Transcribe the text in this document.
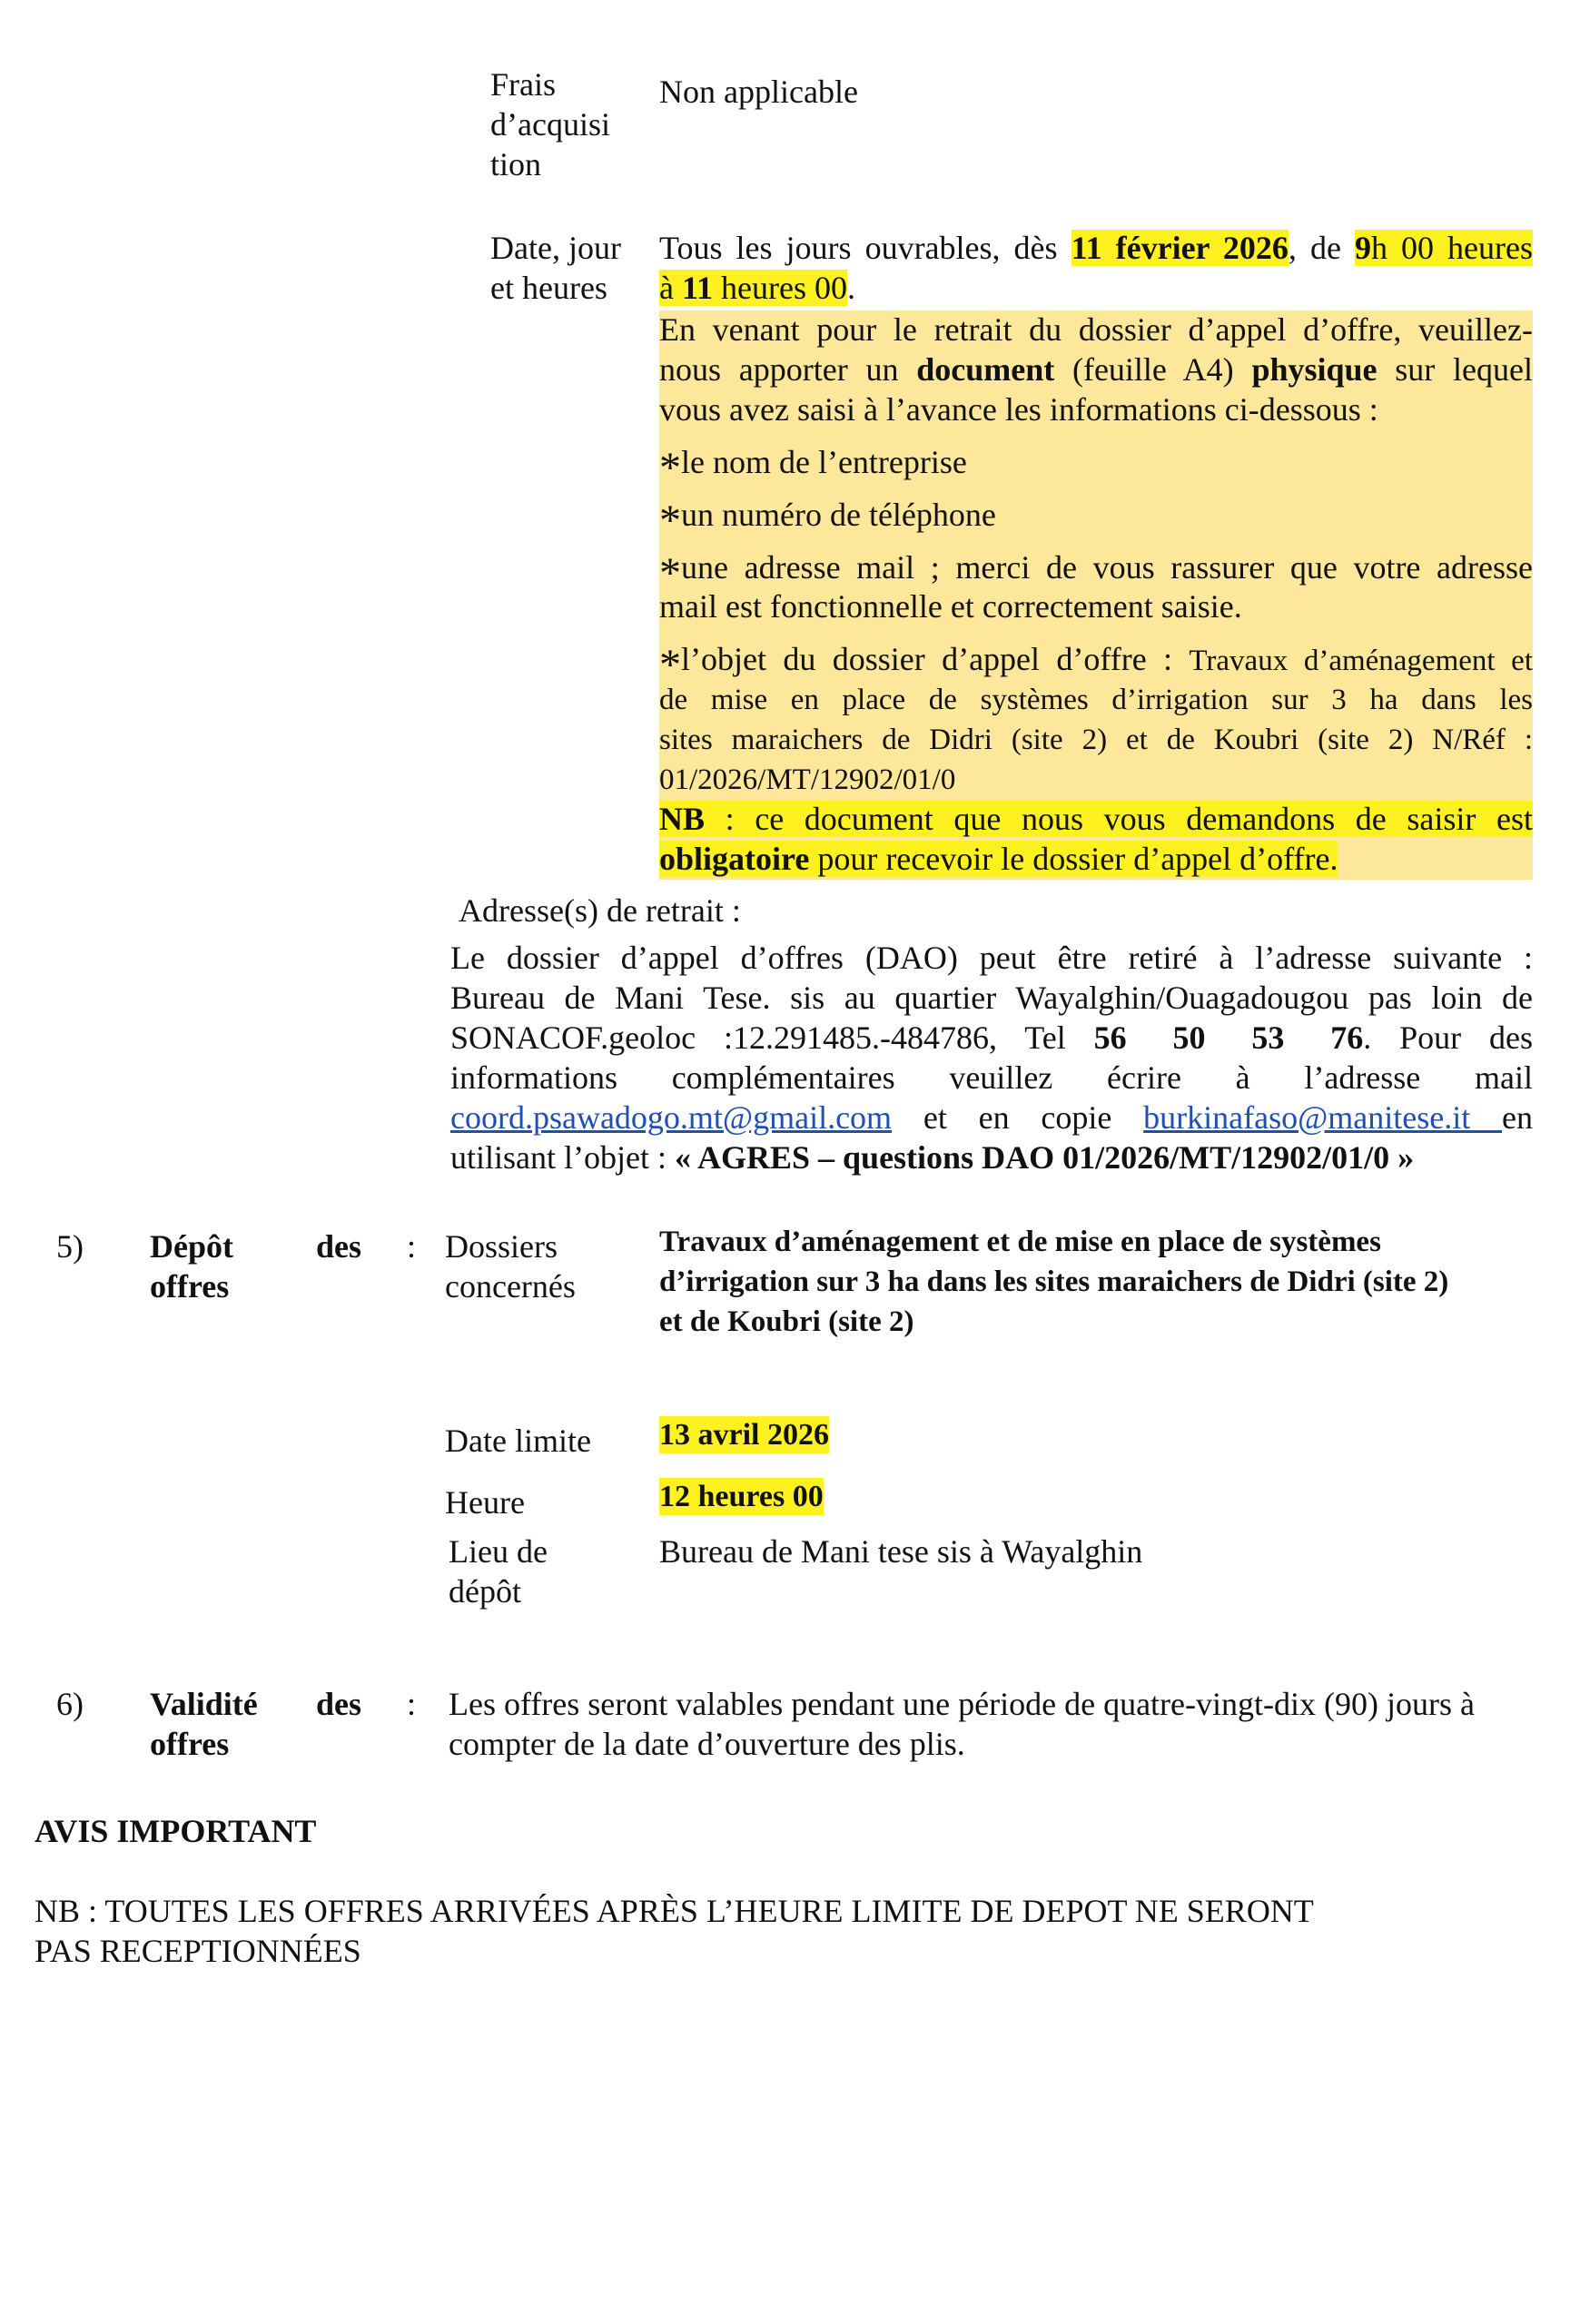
Frais
d’acquisi
tion
Non applicable
Date, jour
et heures
Tous les jours ouvrables, dès 11 février 2026, de 9h 00 heures
à 11 heures 00.
En venant pour le retrait du dossier d’appel d’offre, veuillez-
nous apporter un document (feuille A4) physique sur lequel
vous avez saisi à l’avance les informations ci-dessous :
*le nom de l’entreprise
*un numéro de téléphone
*une adresse mail ; merci de vous rassurer que votre adresse
mail est fonctionnelle et correctement saisie.
*l’objet du dossier d’appel d’offre : Travaux d’aménagement et
de mise en place de systèmes d’irrigation sur 3 ha dans les
sites maraichers de Didri (site 2) et de Koubri (site 2) N/Réf :
01/2026/MT/12902/01/0
NB : ce document que nous vous demandons de saisir est
obligatoire pour recevoir le dossier d’appel d’offre.
Adresse(s) de retrait :
Le dossier d’appel d’offres (DAO) peut être retiré à l’adresse suivante :
Bureau de Mani Tese. sis au quartier Wayalghin/Ouagadougou pas loin de
SONACOF.geoloc :12.291485.-484786, Tel 56 50 53 76. Pour des
informations complémentaires veuillez écrire à l’adresse mail
coord.psawadogo.mt@gmail.com et en copie burkinafaso@manitese.it en
utilisant l’objet : « AGRES – questions DAO 01/2026/MT/12902/01/0 »
5) Dépôt	des
offres
: Dossiers
concernés
Travaux d’aménagement et de mise en place de systèmes
d’irrigation sur 3 ha dans les sites maraichers de Didri (site 2)
et de Koubri (site 2)
Date limite 13 avril 2026
Heure	12 heures 00
Lieu de
dépôt
Bureau de Mani tese sis à Wayalghin
6) Validité des
offres
: Les offres seront valables pendant une période de quatre-vingt-dix (90) jours à
compter de la date d’ouverture des plis.
AVIS IMPORTANT
NB : TOUTES LES OFFRES ARRIVÉES APRÈS L’HEURE LIMITE DE DEPOT NE SERONT
PAS RECEPTIONNÉES
